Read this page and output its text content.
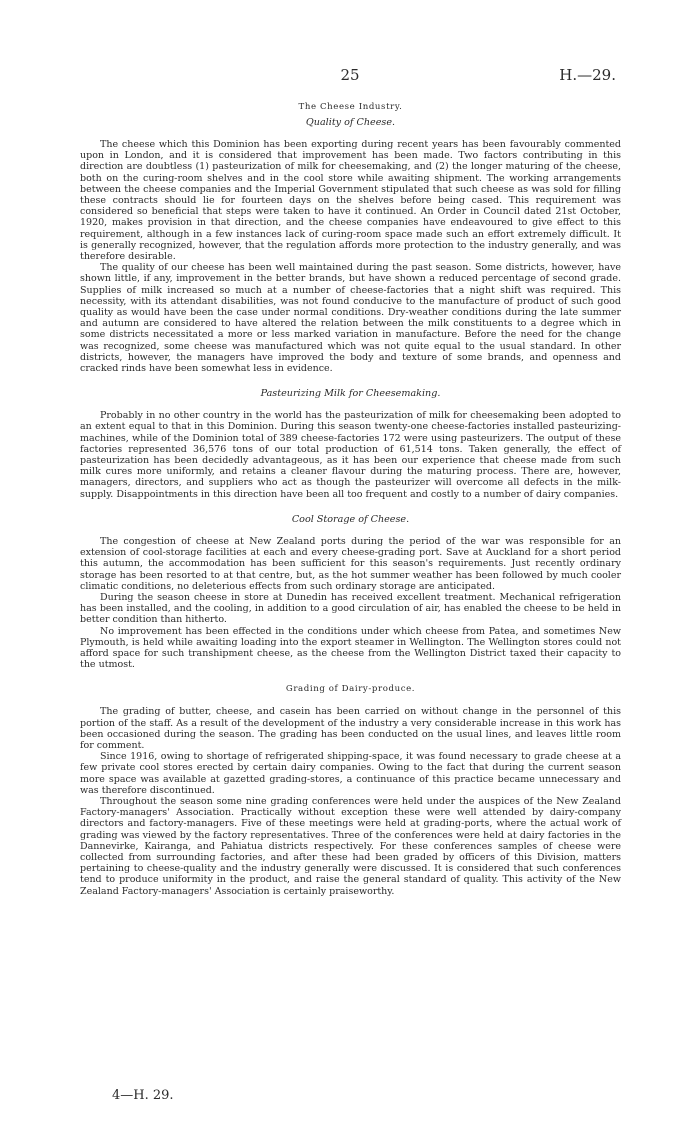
25	H.—29.
The Cheese Industry.
Quality of Cheese.

The cheese which this Dominion has been exporting during recent years has been favourably commented upon in London, and it is considered that improvement has been made. Two factors contributing in this direction are doubtless (1) pasteurization of milk for cheesemaking, and (2) the longer maturing of the cheese, both on the curing-room shelves and in the cool store while awaiting shipment. The working arrangements between the cheese companies and the Imperial Government stipulated that such cheese as was sold for filling these contracts should lie for fourteen days on the shelves before being cased. This requirement was considered so beneficial that steps were taken to have it continued. An Order in Council dated 21st October, 1920, makes provision in that direction, and the cheese companies have endeavoured to give effect to this requirement, although in a few instances lack of curing-room space made such an effort extremely difficult. It is generally recognized, however, that the regulation affords more protection to the industry generally, and was therefore desirable.

The quality of our cheese has been well maintained during the past season. Some districts, however, have shown little, if any, improvement in the better brands, but have shown a reduced percentage of second grade. Supplies of milk increased so much at a number of cheese-factories that a night shift was required. This necessity, with its attendant disabilities, was not found conducive to the manufacture of product of such good quality as would have been the case under normal conditions. Dry-weather conditions during the late summer and autumn are considered to have altered the relation between the milk constituents to a degree which in some districts necessitated a more or less marked variation in manufacture. Before the need for the change was recognized, some cheese was manufactured which was not quite equal to the usual standard. In other districts, however, the managers have improved the body and texture of some brands, and openness and cracked rinds have been somewhat less in evidence.

Pasteurizing Milk for Cheesemaking.

Probably in no other country in the world has the pasteurization of milk for cheesemaking been adopted to an extent equal to that in this Dominion. During this season twenty-one cheese-factories installed pasteurizing-machines, while of the Dominion total of 389 cheese-factories 172 were using pasteurizers. The output of these factories represented 36,576 tons of our total production of 61,514 tons. Taken generally, the effect of pasteurization has been decidedly advantageous, as it has been our experience that cheese made from such milk cures more uniformly, and retains a cleaner flavour during the maturing process. There are, however, managers, directors, and suppliers who act as though the pasteurizer will overcome all defects in the milk-supply. Disappointments in this direction have been all too frequent and costly to a number of dairy companies.

Cool Storage of Cheese.

The congestion of cheese at New Zealand ports during the period of the war was responsible for an extension of cool-storage facilities at each and every cheese-grading port. Save at Auckland for a short period this autumn, the accommodation has been sufficient for this season's requirements. Just recently ordinary storage has been resorted to at that centre, but, as the hot summer weather has been followed by much cooler climatic conditions, no deleterious effects from such ordinary storage are anticipated.

During the season cheese in store at Dunedin has received excellent treatment. Mechanical refrigeration has been installed, and the cooling, in addition to a good circulation of air, has enabled the cheese to be held in better condition than hitherto.

No improvement has been effected in the conditions under which cheese from Patea, and sometimes New Plymouth, is held while awaiting loading into the export steamer in Wellington. The Wellington stores could not afford space for such transhipment cheese, as the cheese from the Wellington District taxed their capacity to the utmost.

Grading of Dairy-produce.

The grading of butter, cheese, and casein has been carried on without change in the personnel of this portion of the staff. As a result of the development of the industry a very considerable increase in this work has been occasioned during the season. The grading has been conducted on the usual lines, and leaves little room for comment.

Since 1916, owing to shortage of refrigerated shipping-space, it was found necessary to grade cheese at a few private cool stores erected by certain dairy companies. Owing to the fact that during the current season more space was available at gazetted grading-stores, a continuance of this practice became unnecessary and was therefore discontinued.

Throughout the season some nine grading conferences were held under the auspices of the New Zealand Factory-managers' Association. Practically without exception these were well attended by dairy-company directors and factory-managers. Five of these meetings were held at grading-ports, where the actual work of grading was viewed by the factory representatives. Three of the conferences were held at dairy factories in the Dannevirke, Kairanga, and Pahiatua districts respectively. For these conferences samples of cheese were collected from surrounding factories, and after these had been graded by officers of this Division, matters pertaining to cheese-quality and the industry generally were discussed. It is considered that such conferences tend to produce uniformity in the product, and raise the general standard of quality. This activity of the New Zealand Factory-managers' Association is certainly praiseworthy.

4—H. 29.
